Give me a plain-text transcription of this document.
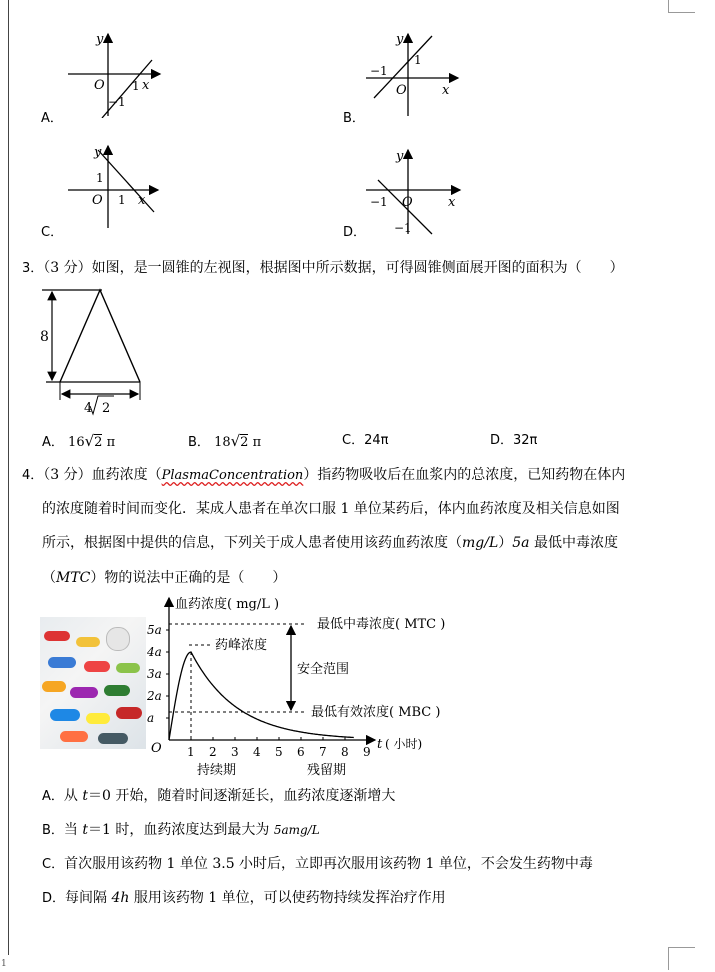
1
y
x
O 1
−1
A．
y
x
O
1
−1
B．
y
x
O 1
1
C．
y
x
O
−1
−1
D．
3．（3 分）如图，是一圆锥的左视图，根据图中所示数据，可得圆锥侧面展开图的面积为（　　）
8
4 2
A． 16√2 π	B． 18√2 π	C．24π	D．32π
4．（3 分）血药浓度（PlasmaConcentration）指药物吸收后在血浆内的总浓度，已知药物在体内
的浓度随着时间而变化．某成人患者在单次口服 1 单位某药后，体内血药浓度及相关信息如图
所示，根据图中提供的信息，下列关于成人患者使用该药血药浓度（mg/L）5a 最低中毒浓度
（MTC）物的说法中正确的是（　　）
血药浓度( mg/L )
5a
4a
3a
2a
a
1 2 3 4 5 6 7 8 9
O	t ( 小时)
最低中毒浓度( MTC )
最低有效浓度( MBC )
药峰浓度
安全范围
持续期	残留期
A．从 t＝0 开始，随着时间逐渐延长，血药浓度逐渐增大
B．当 t＝1 时，血药浓度达到最大为 5amg/L
C．首次服用该药物 1 单位 3.5 小时后，立即再次服用该药物 1 单位，不会发生药物中毒
D．每间隔 4h 服用该药物 1 单位，可以使药物持续发挥治疗作用
